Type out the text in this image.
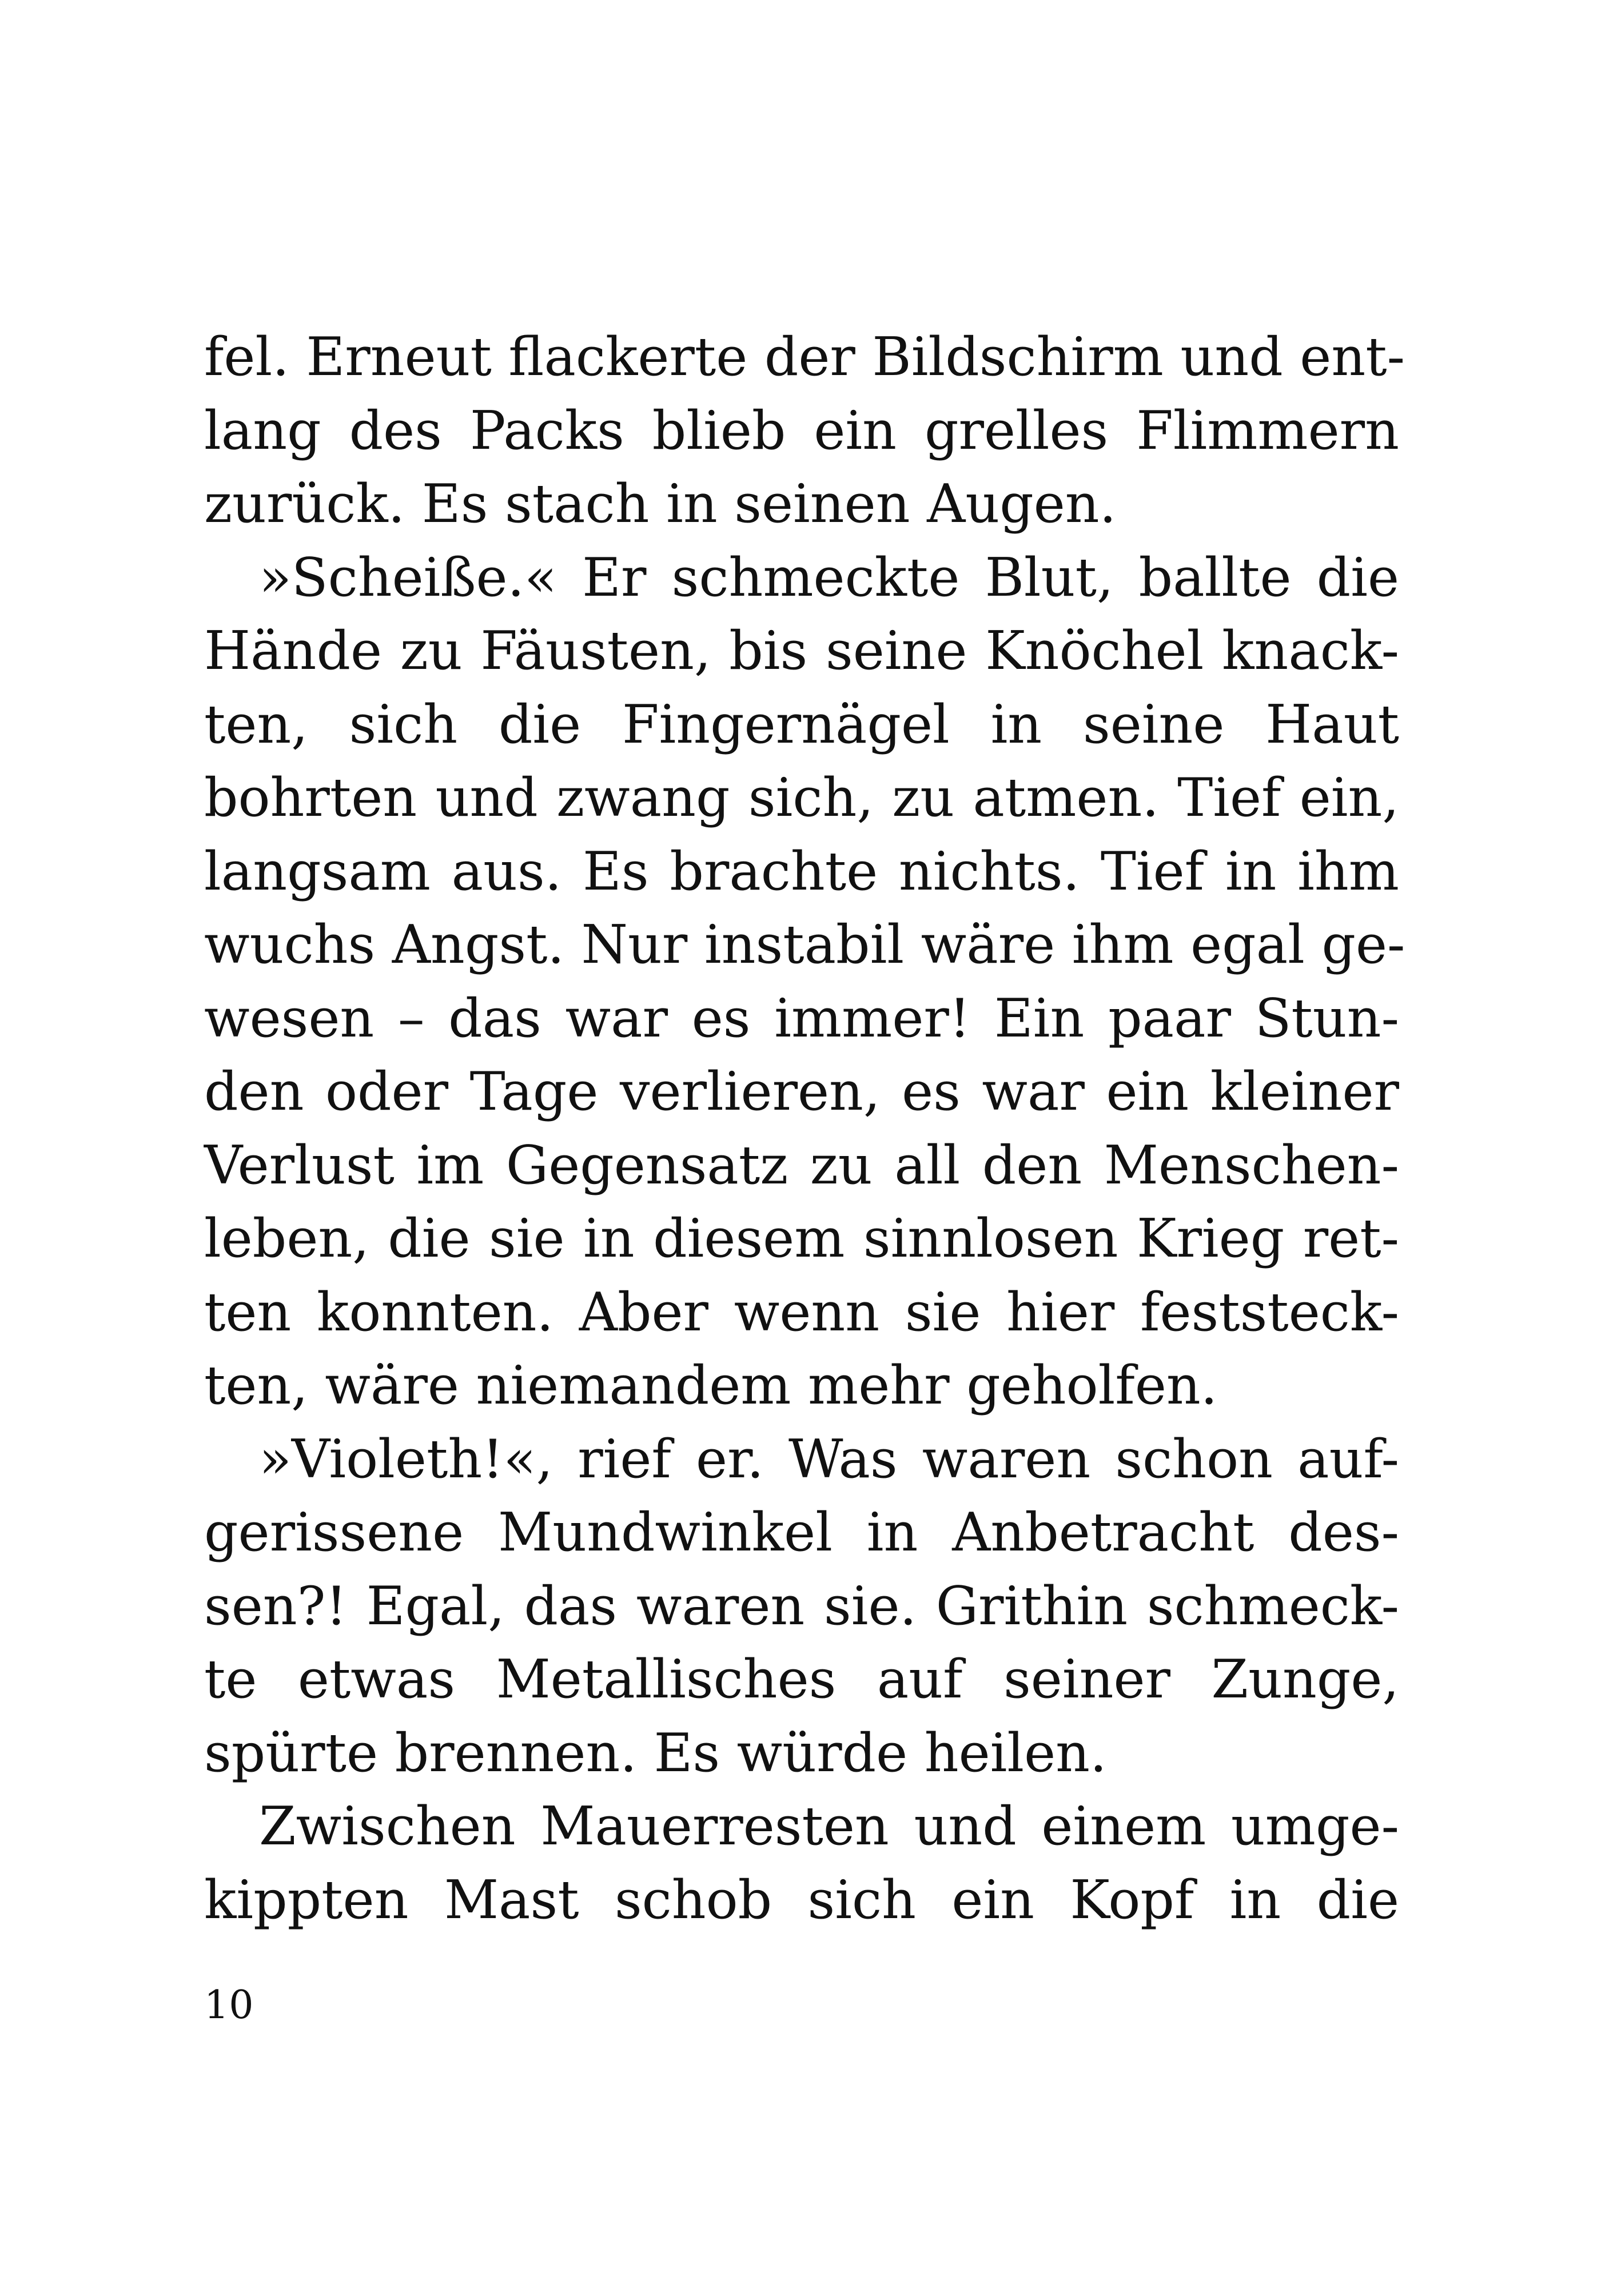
fel. Erneut flackerte der Bildschirm und ent-
lang des Packs blieb ein grelles Flimmern
zurück. Es stach in seinen Augen.
»Scheiße.« Er schmeckte Blut, ballte die
Hände zu Fäusten, bis seine Knöchel knack-
ten, sich die Fingernägel in seine Haut
bohrten und zwang sich, zu atmen. Tief ein,
langsam aus. Es brachte nichts. Tief in ihm
wuchs Angst. Nur instabil wäre ihm egal ge-
wesen – das war es immer! Ein paar Stun-
den oder Tage verlieren, es war ein kleiner
Verlust im Gegensatz zu all den Menschen-
leben, die sie in diesem sinnlosen Krieg ret-
ten konnten. Aber wenn sie hier feststeck-
ten, wäre niemandem mehr geholfen.
»Violeth!«, rief er. Was waren schon auf-
gerissene Mundwinkel in Anbetracht des-
sen?! Egal, das waren sie. Grithin schmeck-
te etwas Metallisches auf seiner Zunge,
spürte brennen. Es würde heilen.
Zwischen Mauerresten und einem umge-
kippten Mast schob sich ein Kopf in die
10
